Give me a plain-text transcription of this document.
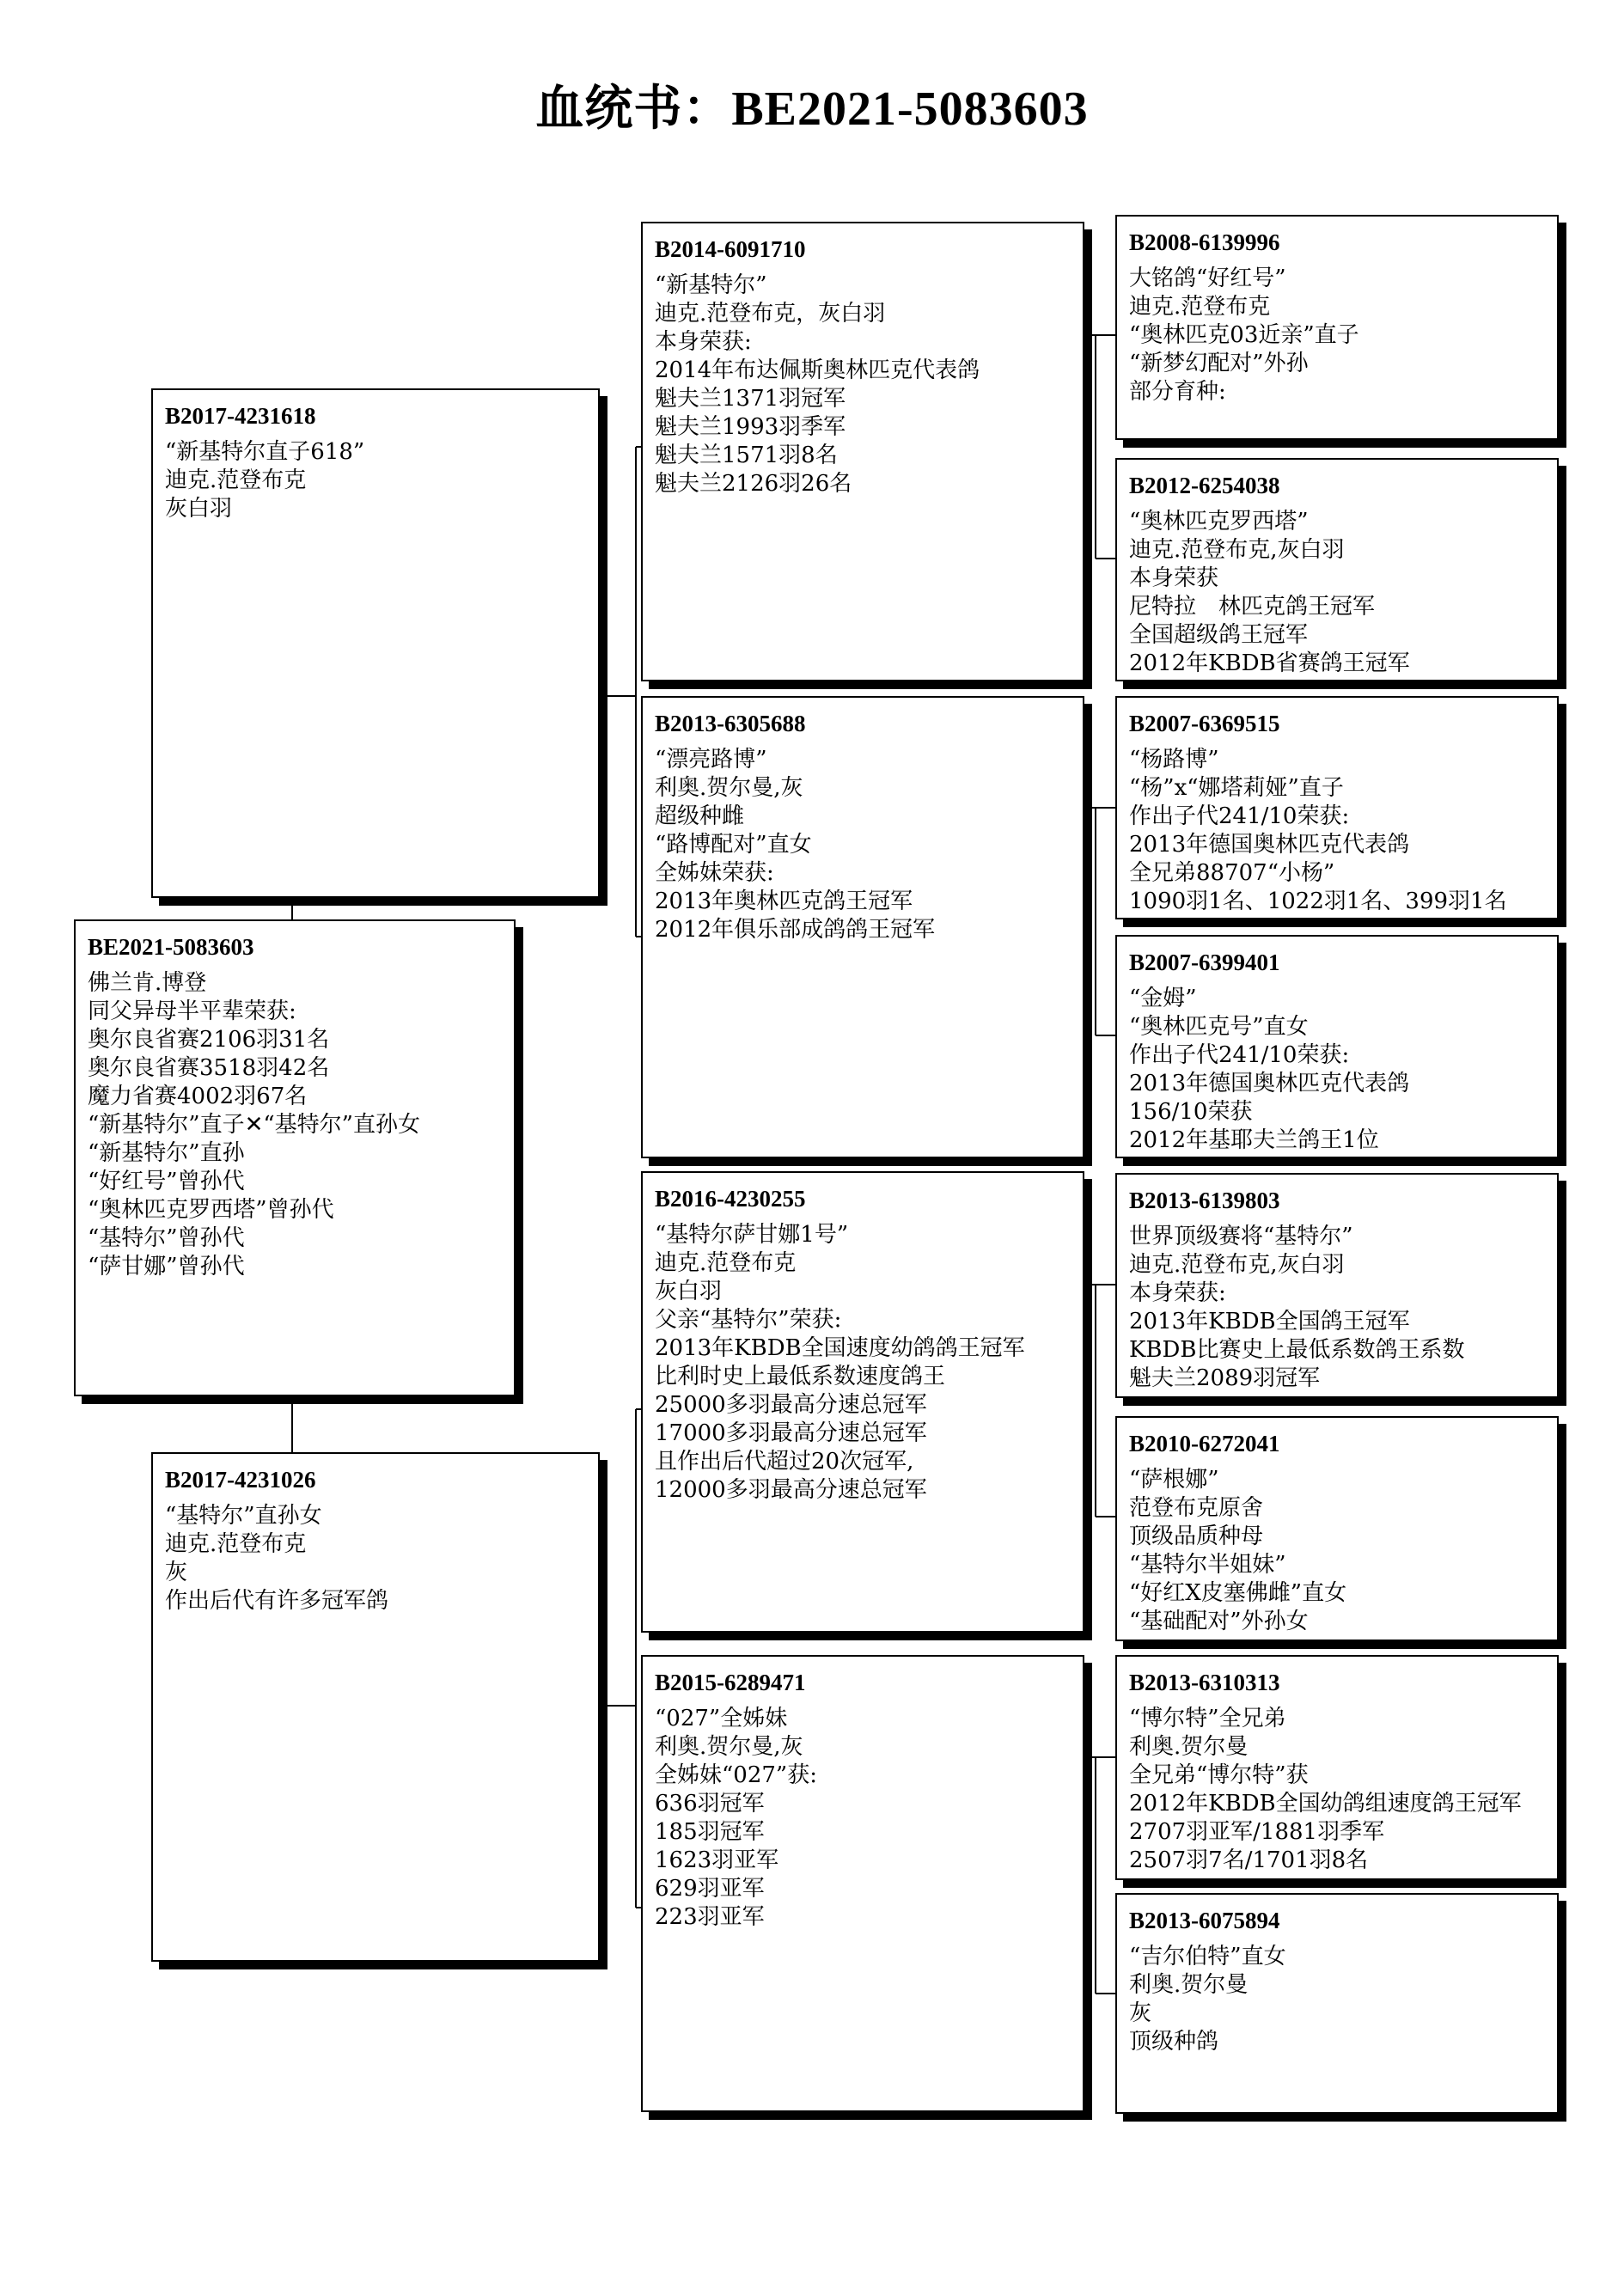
血统书：BE2021-5083603
B2017-4231618
“新基特尔直子618”
迪克.范登布克
灰白羽
BE2021-5083603
佛兰肯.博登
同父异母半平辈荣获:
奥尔良省赛2106羽31名
奥尔良省赛3518羽42名
魔力省赛4002羽67名
“新基特尔”直子✕“基特尔”直孙女
“新基特尔”直孙
“好红号”曾孙代
“奥林匹克罗西塔”曾孙代
“基特尔”曾孙代
“萨甘娜”曾孙代
B2017-4231026
“基特尔”直孙女
迪克.范登布克
灰
作出后代有许多冠军鸽
B2014-6091710
“新基特尔”
迪克.范登布克，灰白羽
本身荣获:
2014年布达佩斯奥林匹克代表鸽
魁夫兰1371羽冠军
魁夫兰1993羽季军
魁夫兰1571羽8名
魁夫兰2126羽26名
B2013-6305688
“漂亮路博”
利奥.贺尔曼,灰
超级种雌
“路博配对”直女
全姊妹荣获:
2013年奥林匹克鸽王冠军
2012年俱乐部成鸽鸽王冠军
B2016-4230255
“基特尔萨甘娜1号”
迪克.范登布克
灰白羽
父亲“基特尔”荣获:
2013年KBDB全国速度幼鸽鸽王冠军
比利时史上最低系数速度鸽王
25000多羽最高分速总冠军
17000多羽最高分速总冠军
且作出后代超过20次冠军,
12000多羽最高分速总冠军
B2015-6289471
“027”全姊妹
利奥.贺尔曼,灰
全姊妹“027”获:
636羽冠军
185羽冠军
1623羽亚军
629羽亚军
223羽亚军
B2008-6139996
大铭鸽“好红号”
迪克.范登布克
“奥林匹克03近亲”直子
“新梦幻配对”外孙
部分育种:
B2012-6254038
“奥林匹克罗西塔”
迪克.范登布克,灰白羽
本身荣获
尼特拉　林匹克鸽王冠军
全国超级鸽王冠军
2012年KBDB省赛鸽王冠军
B2007-6369515
“杨路博”
“杨”x“娜塔莉娅”直子
作出子代241/10荣获:
2013年德国奥林匹克代表鸽
全兄弟88707“小杨”
1090羽1名、1022羽1名、399羽1名
B2007-6399401
“金姆”
“奥林匹克号”直女
作出子代241/10荣获:
2013年德国奥林匹克代表鸽
156/10荣获
2012年基耶夫兰鸽王1位
B2013-6139803
世界顶级赛将“基特尔”
迪克.范登布克,灰白羽
本身荣获:
2013年KBDB全国鸽王冠军
KBDB比赛史上最低系数鸽王系数
魁夫兰2089羽冠军
B2010-6272041
“萨根娜”
范登布克原舍
顶级品质种母
“基特尔半姐妹”
“好红X皮塞佛雌”直女
“基础配对”外孙女
B2013-6310313
“博尔特”全兄弟
利奥.贺尔曼
全兄弟“博尔特”获
2012年KBDB全国幼鸽组速度鸽王冠军
2707羽亚军/1881羽季军
2507羽7名/1701羽8名
B2013-6075894
“吉尔伯特”直女
利奥.贺尔曼
灰
顶级种鸽
